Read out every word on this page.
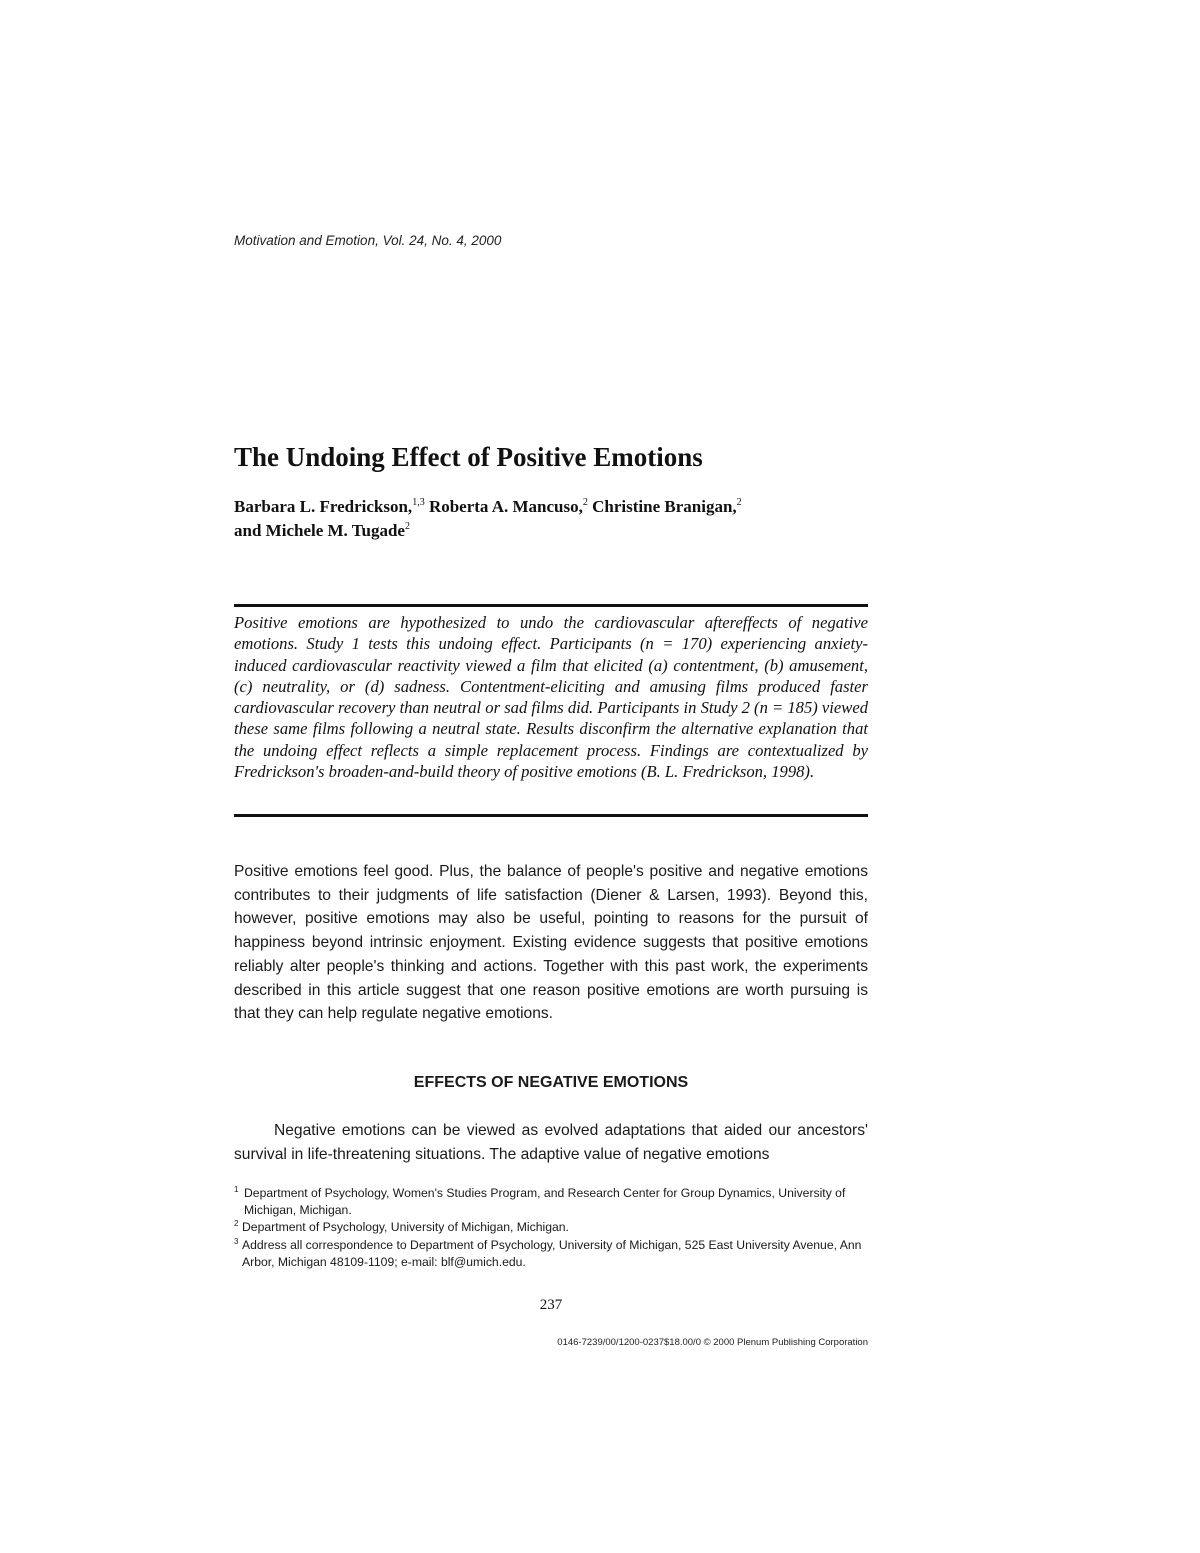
Motivation and Emotion, Vol. 24, No. 4, 2000
The Undoing Effect of Positive Emotions
Barbara L. Fredrickson,$^{1,3}$ Roberta A. Mancuso,$^2$ Christine Branigan,$^2$
and Michele M. Tugade$^2$
Positive emotions are hypothesized to undo the cardiovascular aftereffects of negative emotions. Study 1 tests this undoing effect. Participants (n = 170) experiencing anxiety-induced cardiovascular reactivity viewed a film that elicited (a) contentment, (b) amusement, (c) neutrality, or (d) sadness. Contentment-eliciting and amusing films produced faster cardiovascular recovery than neutral or sad films did. Participants in Study 2 (n = 185) viewed these same films following a neutral state. Results disconfirm the alternative explanation that the undoing effect reflects a simple replacement process. Findings are contextualized by Fredrickson's broaden-and-build theory of positive emotions (B. L. Fredrickson, 1998).
Positive emotions feel good. Plus, the balance of people's positive and negative emotions contributes to their judgments of life satisfaction (Diener & Larsen, 1993). Beyond this, however, positive emotions may also be useful, pointing to reasons for the pursuit of happiness beyond intrinsic enjoyment. Existing evidence suggests that positive emotions reliably alter people's thinking and actions. Together with this past work, the experiments described in this article suggest that one reason positive emotions are worth pursuing is that they can help regulate negative emotions.
EFFECTS OF NEGATIVE EMOTIONS
Negative emotions can be viewed as evolved adaptations that aided our ancestors' survival in life-threatening situations. The adaptive value of negative emotions

1 Department of Psychology, Women's Studies Program, and Research Center for Group Dynamics, University of Michigan, Michigan.

2 Department of Psychology, University of Michigan, Michigan.

3 Address all correspondence to Department of Psychology, University of Michigan, 525 East University Avenue, Ann Arbor, Michigan 48109-1109; e-mail: blf@umich.edu.

237
0146-7239/00/1200-0237$18.00/0 © 2000 Plenum Publishing Corporation
